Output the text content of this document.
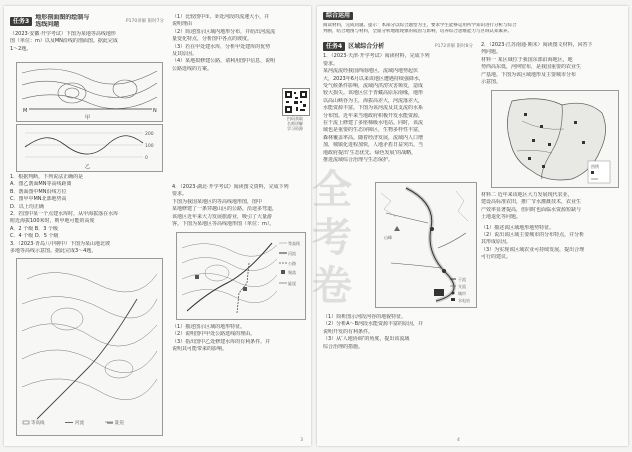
任务3
地形剖面图的绘制与
选线问题
P170讲解 限时7分
（2023·安徽·开学考试）下图为某地等高线地形
图（单位：m）以及MN沿线的剖面图。据此完成
1～2题。
M	N
甲
200
100
0
乙
1．根据判断，下列说法正确的是
A．图乙剖面MN等高线距离
B．剖面图中MN沿线方位
C．图甲中MN北部地势高
D．以上均正确
2．若图中某一个点建水库时，从甲海拔落在水库
附近海拔100米时，则甲地可能的高度
A．2 个级 B．3 个级
C．4 个级 D．5 个级
3．（2023·青岛八中期中）下图为某山地北坡
多地等高线示意图。据此完成3～4题。
等高线	河流	陡崖
（1）比较图中①、②处河段的流速大小，并
说明理由
（2）简述图示区域内地形分布，并给出河流流
量变化特点，分析图中各点的坡度。
（3）若在甲处建水库，分析甲处建库的优势
及其原因。
（4）某地拟修建公路，请利用图中信息，说明
公路选线的方案。
扫码获取
名师讲解
学习资源
4．（2023·湖北·开学考试）阅读图文资料，完成下列
要求。
下图为我国某地区的等高线地形图，图中
某地修建了一条穿越山区的公路。沿途多弯道，
该地区近年来大力发展旅游业，吸引了大量游
客。下图为某地区等高线地形图（单位：m）。
等高线
河流
公路
聚落
陡崖
（1）描述图示区域的地形特征。
（2）说明图中甲处公路选线的理由。
（3）指出图中乙处修建水库的有利条件，并
说明其可能带来的影响。
3
综合运用
阅读材料，完成问题。提示：本部分以综合题型为主，要求学生能够运用所学知识进行分析与综合
判断，结合地图与材料，全面分析地理现象的成因与影响，培养综合思维能力与区域认知素养。
任务4	区域综合分析	P172讲解 限时8分
1．（2023·天津·开学考试）阅读材料，完成下列
要求。
某河流流经我国西南地区，流域内地势起伏
大，2023年6月以来该地区遭遇持续强降水，
受气候条件影响，流域内洪涝灾害频发，造成
较大损失。该地区位于青藏高原东南缘，地形
以高山峡谷为主，海拔高差大，河流落差大，
水能资源丰富。下图为该河流及其支流的水系
分布图。近年来当地政府积极开发水能资源，
在干流上修建了多座梯级水电站。同时，该流
域也是重要的生态屏障区，生物多样性丰富，
森林覆盖率高。随着经济发展，流域内人口增
加，城镇化进程加快，人地矛盾日益突出。当
地政府提出‘生态优先、绿色发展’的战略，
推进流域综合治理与生态保护。
干流
支流
城市
水电站
山峰
（1）简析图示河段河谷的地貌特征。
（2）分析A～B河段水能资源丰富的原因，并
说明开发的有利条件。
（3）从‘人地协调’的角度，提出该流域
综合治理的措施。
2．（2023·江苏南通·期末）阅读图文材料，回答下
列问题。
材料一 某区域位于我国东部沿海地区，地
势西高东低，河网密布，是我国重要的农业生
产基地。下图为该区域地形及主要城市分布
示意图。
图例
材料二 近年来该地区大力发展现代农业，
建设高标准农田，推广节水灌溉技术，农业生
产效率显著提高，但同时也面临水资源短缺与
土地退化等问题。
（1）描述该区域地形地势特征。
（2）说出该区域主要城市的分布特点，并分析
其形成原因。
（3）为实现该区域农业可持续发展，提出合理
可行的建议。
4
全
考
卷
